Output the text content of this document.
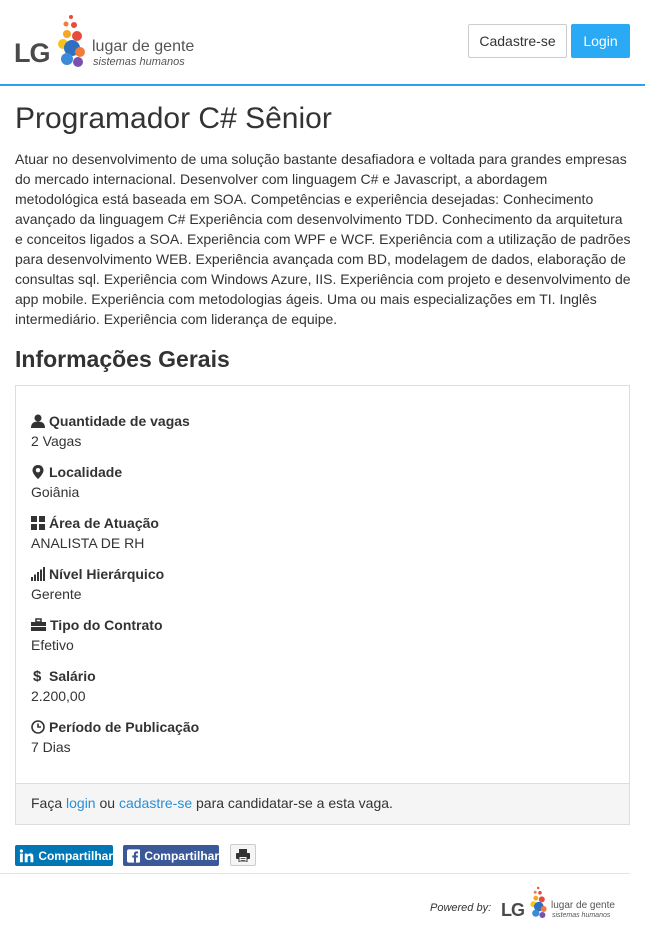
LG	lugar de gente
sistemas humanos
Cadastre-se	Login
Programador C# Sênior

Atuar no desenvolvimento de uma solução bastante desafiadora e voltada para grandes empresas do mercado internacional. Desenvolver com linguagem C# e Javascript, a abordagem metodológica está baseada em SOA. Competências e experiência desejadas: Conhecimento avançado da linguagem C# Experiência com desenvolvimento TDD. Conhecimento da arquitetura e conceitos ligados a SOA. Experiência com WPF e WCF. Experiência com a utilização de padrões para desenvolvimento WEB. Experiência avançada com BD, modelagem de dados, elaboração de consultas sql. Experiência com Windows Azure, IIS. Experiência com projeto e desenvolvimento de app mobile. Experiência com metodologias ágeis. Uma ou mais especializações em TI. Inglês intermediário. Experiência com liderança de equipe.

Informações Gerais
Quantidade de vagas
2 Vagas
Localidade
Goiânia
Área de Atuação
ANALISTA DE RH
Nível Hierárquico
Gerente
Tipo do Contrato
Efetivo
$ Salário
2.200,00
Período de Publicação
7 Dias
Faça login ou cadastre-se para candidatar-se a esta vaga.
Compartilhar	Compartilhar
Powered by: LG	lugar de gente
sistemas humanos
